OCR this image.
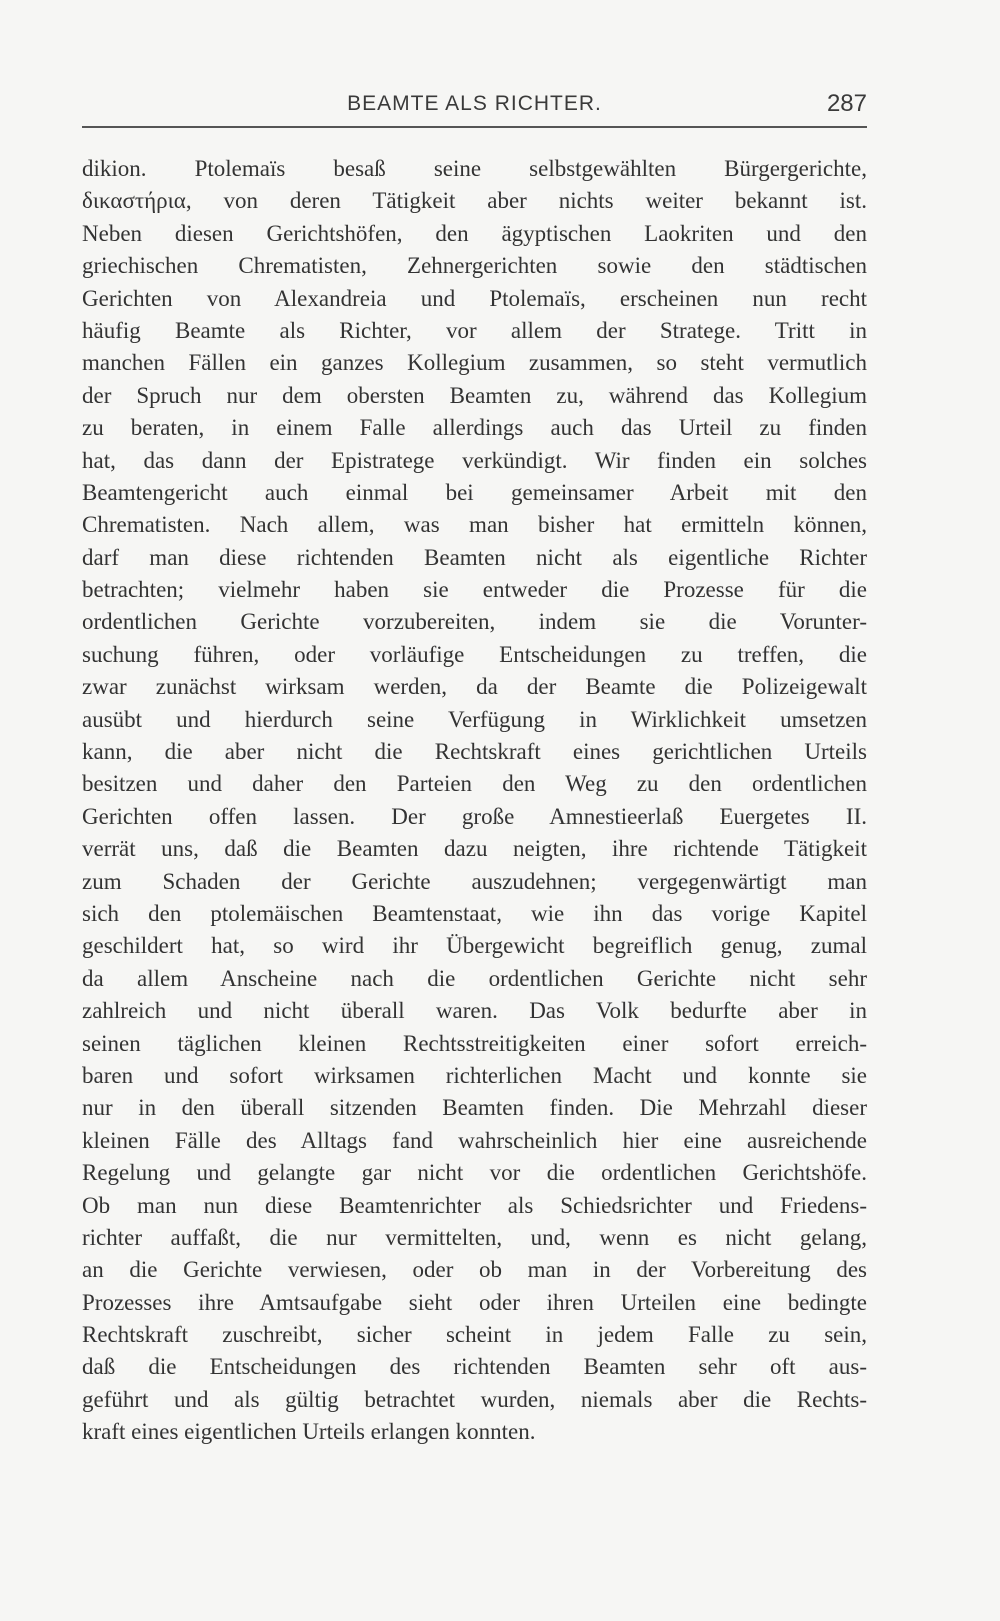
BEAMTE ALS RICHTER.	287
dikion. Ptolemaïs besaß seine selbstgewählten Bürgergerichte,
δικαστήρια, von deren Tätigkeit aber nichts weiter bekannt ist.
Neben diesen Gerichtshöfen, den ägyptischen Laokriten und den
griechischen Chrematisten, Zehnergerichten sowie den städtischen
Gerichten von Alexandreia und Ptolemaïs, erscheinen nun recht
häufig Beamte als Richter, vor allem der Stratege. Tritt in
manchen Fällen ein ganzes Kollegium zusammen, so steht vermutlich
der Spruch nur dem obersten Beamten zu, während das Kollegium
zu beraten, in einem Falle allerdings auch das Urteil zu finden
hat, das dann der Epistratege verkündigt. Wir finden ein solches
Beamtengericht auch einmal bei gemeinsamer Arbeit mit den
Chrematisten. Nach allem, was man bisher hat ermitteln können,
darf man diese richtenden Beamten nicht als eigentliche Richter
betrachten; vielmehr haben sie entweder die Prozesse für die
ordentlichen Gerichte vorzubereiten, indem sie die Vorunter-
suchung führen, oder vorläufige Entscheidungen zu treffen, die
zwar zunächst wirksam werden, da der Beamte die Polizeigewalt
ausübt und hierdurch seine Verfügung in Wirklichkeit umsetzen
kann, die aber nicht die Rechtskraft eines gerichtlichen Urteils
besitzen und daher den Parteien den Weg zu den ordentlichen
Gerichten offen lassen. Der große Amnestieerlaß Euergetes II.
verrät uns, daß die Beamten dazu neigten, ihre richtende Tätigkeit
zum Schaden der Gerichte auszudehnen; vergegenwärtigt man
sich den ptolemäischen Beamtenstaat, wie ihn das vorige Kapitel
geschildert hat, so wird ihr Übergewicht begreiflich genug, zumal
da allem Anscheine nach die ordentlichen Gerichte nicht sehr
zahlreich und nicht überall waren. Das Volk bedurfte aber in
seinen täglichen kleinen Rechtsstreitigkeiten einer sofort erreich-
baren und sofort wirksamen richterlichen Macht und konnte sie
nur in den überall sitzenden Beamten finden. Die Mehrzahl dieser
kleinen Fälle des Alltags fand wahrscheinlich hier eine ausreichende
Regelung und gelangte gar nicht vor die ordentlichen Gerichtshöfe.
Ob man nun diese Beamtenrichter als Schiedsrichter und Friedens-
richter auffaßt, die nur vermittelten, und, wenn es nicht gelang,
an die Gerichte verwiesen, oder ob man in der Vorbereitung des
Prozesses ihre Amtsaufgabe sieht oder ihren Urteilen eine bedingte
Rechtskraft zuschreibt, sicher scheint in jedem Falle zu sein,
daß die Entscheidungen des richtenden Beamten sehr oft aus-
geführt und als gültig betrachtet wurden, niemals aber die Rechts-
kraft eines eigentlichen Urteils erlangen konnten.
